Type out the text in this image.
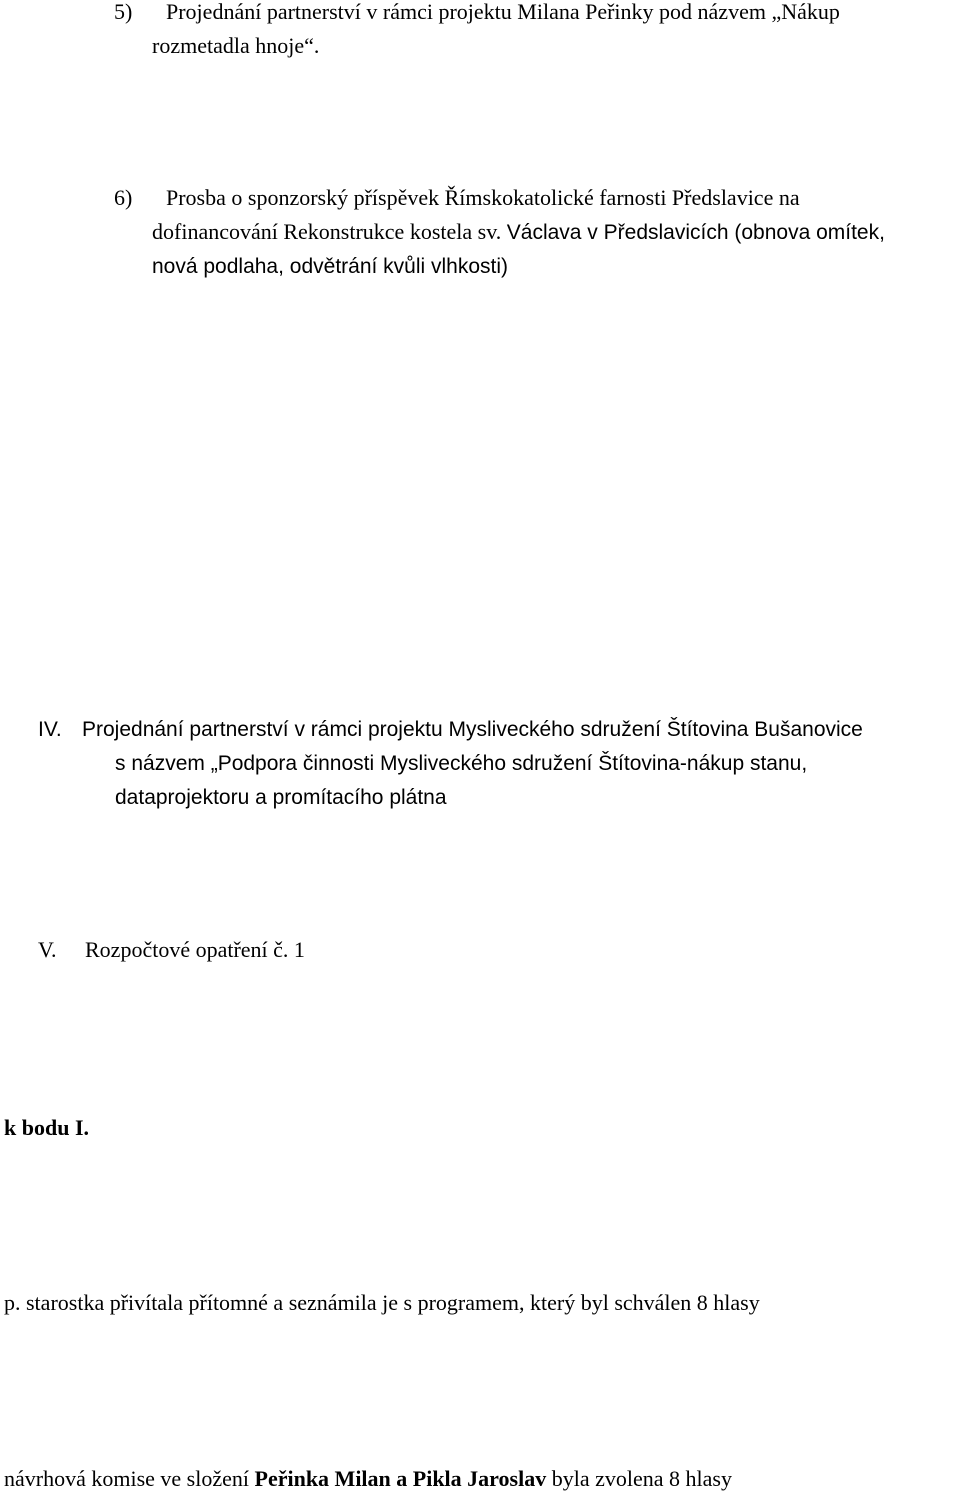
5) Projednání partnerství v rámci projektu Milana Peřinky pod názvem „Nákup
rozmetadla hnoje“.
6) Prosba o sponzorský příspěvek Římskokatolické farnosti Předslavice na
dofinancování Rekonstrukce kostela sv. Václava v Předslavicích (obnova omítek,
nová podlaha, odvětrání kvůli vlhkosti)
IV. Projednání partnerství v rámci projektu Mysliveckého sdružení Štítovina Bušanovice
s názvem „Podpora činnosti Mysliveckého sdružení Štítovina-nákup stanu,
dataprojektoru a promítacího plátna
V. Rozpočtové opatření č. 1
k bodu I.
p. starostka přivítala přítomné a seznámila je s programem, který byl schválen 8 hlasy
návrhová komise ve složení Peřinka Milan a Pikla Jaroslav byla zvolena 8 hlasy
